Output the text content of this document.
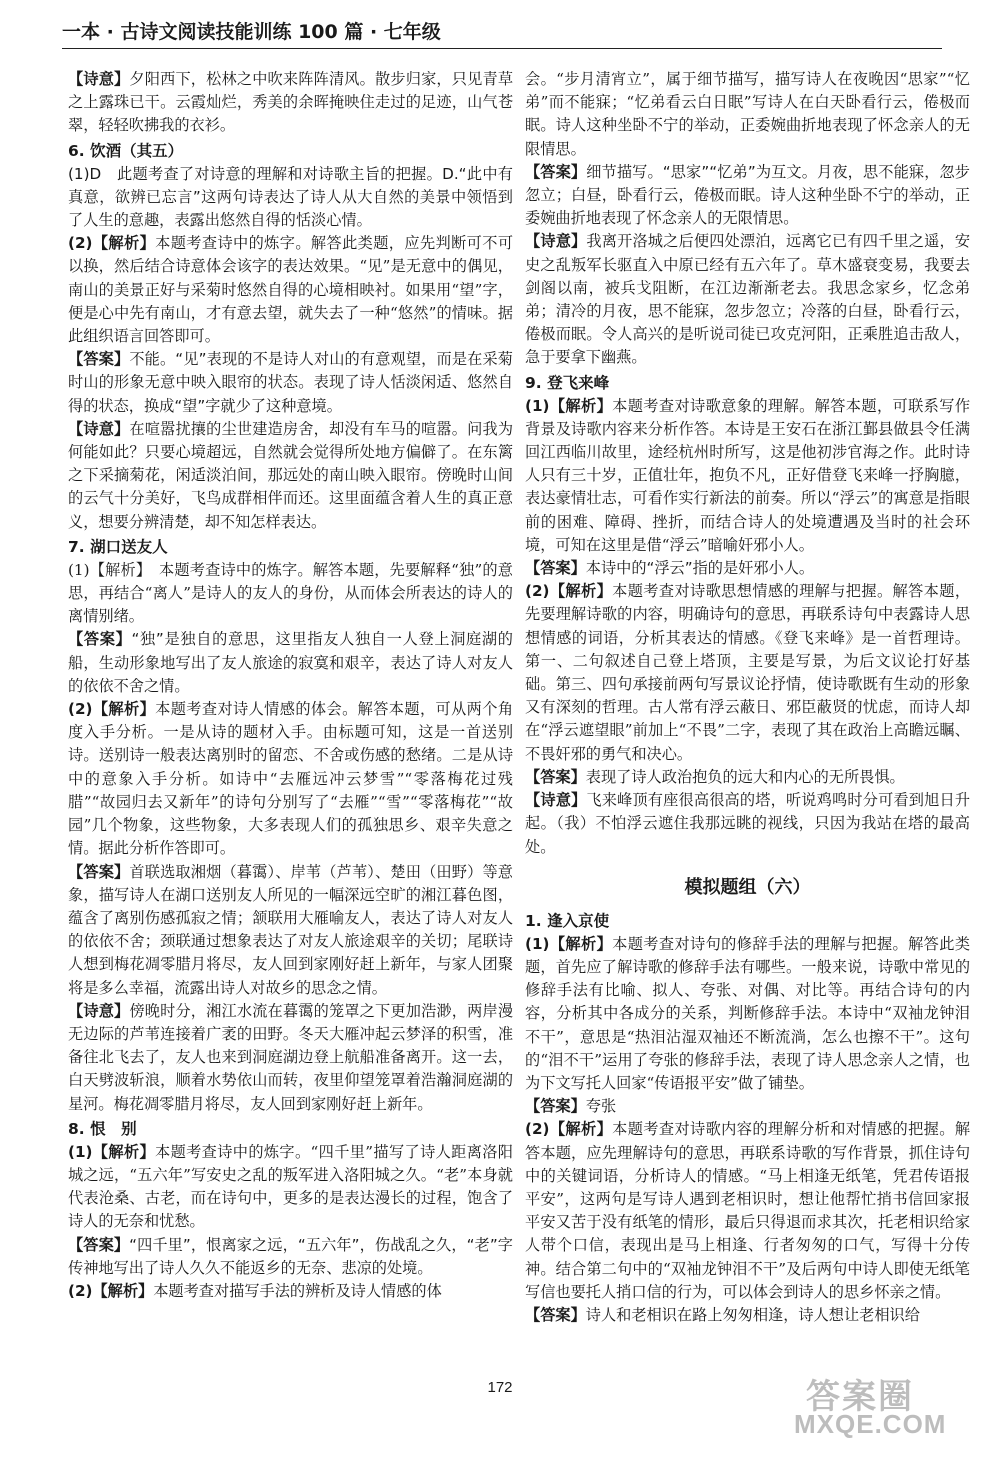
一本 · 古诗文阅读技能训练 100 篇 · 七年级

【诗意】夕阳西下，松林之中吹来阵阵清风。散步归家，只见青草之上露珠已干。云霞灿烂，秀美的余晖掩映住走过的足迹，山气苍翠，轻轻吹拂我的衣衫。

6. 饮酒（其五）

(1)D　此题考查了对诗意的理解和对诗歌主旨的把握。D.“此中有真意，欲辨已忘言”这两句诗表达了诗人从大自然的美景中领悟到了人生的意趣，表露出悠然自得的恬淡心情。

(2)【解析】本题考查诗中的炼字。解答此类题，应先判断可不可以换，然后结合诗意体会该字的表达效果。“见”是无意中的偶见，南山的美景正好与采菊时悠然自得的心境相映衬。如果用“望”字，便是心中先有南山，才有意去望，就失去了一种“悠然”的情味。据此组织语言回答即可。

【答案】不能。“见”表现的不是诗人对山的有意观望，而是在采菊时山的形象无意中映入眼帘的状态。表现了诗人恬淡闲适、悠然自得的状态，换成“望”字就少了这种意境。

【诗意】在喧嚣扰攘的尘世建造房舍，却没有车马的喧嚣。问我为何能如此？只要心境超远，自然就会觉得所处地方偏僻了。在东篱之下采摘菊花，闲适淡泊间，那远处的南山映入眼帘。傍晚时山间的云气十分美好，飞鸟成群相伴而还。这里面蕴含着人生的真正意义，想要分辨清楚，却不知怎样表达。

7. 湖口送友人

(1)【解析】　本题考查诗中的炼字。解答本题，先要解释“独”的意思，再结合“离人”是诗人的友人的身份，从而体会所表达的诗人的离情别绪。

【答案】“独”是独自的意思，这里指友人独自一人登上洞庭湖的船，生动形象地写出了友人旅途的寂寞和艰辛，表达了诗人对友人的依依不舍之情。

(2)【解析】本题考查对诗人情感的体会。解答本题，可从两个角度入手分析。一是从诗的题材入手。由标题可知，这是一首送别诗。送别诗一般表达离别时的留恋、不舍或伤感的愁绪。二是从诗中的意象入手分析。如诗中“去雁远冲云梦雪”“零落梅花过残腊”“故园归去又新年”的诗句分别写了“去雁”“雪”“零落梅花”“故园”几个物象，这些物象，大多表现人们的孤独思乡、艰辛失意之情。据此分析作答即可。

【答案】首联选取湘烟（暮霭）、岸苇（芦苇）、楚田（田野）等意象，描写诗人在湖口送别友人所见的一幅深远空旷的湘江暮色图，蕴含了离别伤感孤寂之情；颔联用大雁喻友人，表达了诗人对友人的依依不舍；颈联通过想象表达了对友人旅途艰辛的关切；尾联诗人想到梅花凋零腊月将尽，友人回到家刚好赶上新年，与家人团聚将是多么幸福，流露出诗人对故乡的思念之情。

【诗意】傍晚时分，湘江水流在暮霭的笼罩之下更加浩渺，两岸漫无边际的芦苇连接着广袤的田野。冬天大雁冲起云梦泽的积雪，准备往北飞去了，友人也来到洞庭湖边登上航船准备离开。这一去，白天劈波斩浪，顺着水势依山而转，夜里仰望笼罩着浩瀚洞庭湖的星河。梅花凋零腊月将尽，友人回到家刚好赶上新年。

8. 恨　别

(1)【解析】本题考查诗中的炼字。“四千里”描写了诗人距离洛阳城之远，“五六年”写安史之乱的叛军进入洛阳城之久。“老”本身就代表沧桑、古老，而在诗句中，更多的是表达漫长的过程，饱含了诗人的无奈和忧愁。

【答案】“四千里”，恨离家之远，“五六年”，伤战乱之久，“老”字传神地写出了诗人久久不能返乡的无奈、悲凉的处境。

(2)【解析】本题考查对描写手法的辨析及诗人情感的体

会。“步月清宵立”，属于细节描写，描写诗人在夜晚因“思家”“忆弟”而不能寐；“忆弟看云白日眠”写诗人在白天卧看行云，倦极而眠。诗人这种坐卧不宁的举动，正委婉曲折地表现了怀念亲人的无限情思。

【答案】细节描写。“思家”“忆弟”为互文。月夜，思不能寐，忽步忽立；白昼，卧看行云，倦极而眠。诗人这种坐卧不宁的举动，正委婉曲折地表现了怀念亲人的无限情思。

【诗意】我离开洛城之后便四处漂泊，远离它已有四千里之遥，安史之乱叛军长驱直入中原已经有五六年了。草木盛衰变易，我要去剑阁以南，被兵戈阻断，在江边渐渐老去。我思念家乡，忆念弟弟；清冷的月夜，思不能寐，忽步忽立；冷落的白昼，卧看行云，倦极而眠。令人高兴的是听说司徒已攻克河阳，正乘胜追击敌人，急于要拿下幽燕。

9. 登飞来峰

(1)【解析】本题考查对诗歌意象的理解。解答本题，可联系写作背景及诗歌内容来分析作答。本诗是王安石在浙江鄞县做县令任满回江西临川故里，途经杭州时所写，这是他初涉官海之作。此时诗人只有三十岁，正值壮年，抱负不凡，正好借登飞来峰一抒胸臆，表达豪情壮志，可看作实行新法的前奏。所以“浮云”的寓意是指眼前的困难、障碍、挫折，而结合诗人的处境遭遇及当时的社会环境，可知在这里是借“浮云”暗喻奸邪小人。

【答案】本诗中的“浮云”指的是奸邪小人。

(2)【解析】本题考查对诗歌思想情感的理解与把握。解答本题，先要理解诗歌的内容，明确诗句的意思，再联系诗句中表露诗人思想情感的词语，分析其表达的情感。《登飞来峰》是一首哲理诗。第一、二句叙述自己登上塔顶，主要是写景，为后文议论打好基础。第三、四句承接前两句写景议论抒情，使诗歌既有生动的形象又有深刻的哲理。古人常有浮云蔽日、邪臣蔽贤的忧虑，而诗人却在“浮云遮望眼”前加上“不畏”二字，表现了其在政治上高瞻远瞩、不畏奸邪的勇气和决心。

【答案】表现了诗人政治抱负的远大和内心的无所畏惧。

【诗意】飞来峰顶有座很高很高的塔，听说鸡鸣时分可看到旭日升起。（我）不怕浮云遮住我那远眺的视线，只因为我站在塔的最高处。

模拟题组（六）
1. 逢入京使

(1)【解析】本题考查对诗句的修辞手法的理解与把握。解答此类题，首先应了解诗歌的修辞手法有哪些。一般来说，诗歌中常见的修辞手法有比喻、拟人、夸张、对偶、对比等。再结合诗句的内容，分析其中各成分的关系，判断修辞手法。本诗中“双袖龙钟泪不干”，意思是“热泪沾湿双袖还不断流淌，怎么也擦不干”。这句的“泪不干”运用了夸张的修辞手法，表现了诗人思念亲人之情，也为下文写托人回家“传语报平安”做了铺垫。

【答案】夸张

(2)【解析】本题考查对诗歌内容的理解分析和对情感的把握。解答本题，应先理解诗句的意思，再联系诗歌的写作背景，抓住诗句中的关键词语，分析诗人的情感。“马上相逢无纸笔，凭君传语报平安”，这两句是写诗人遇到老相识时，想让他帮忙捎书信回家报平安又苦于没有纸笔的情形，最后只得退而求其次，托老相识给家人带个口信，表现出是马上相逢、行者匆匆的口气，写得十分传神。结合第二句中的“双袖龙钟泪不干”及后两句中诗人即使无纸笔写信也要托人捎口信的行为，可以体会到诗人的思乡怀亲之情。

【答案】诗人和老相识在路上匆匆相逢，诗人想让老相识给

172	答案圈
MXQE.COM
